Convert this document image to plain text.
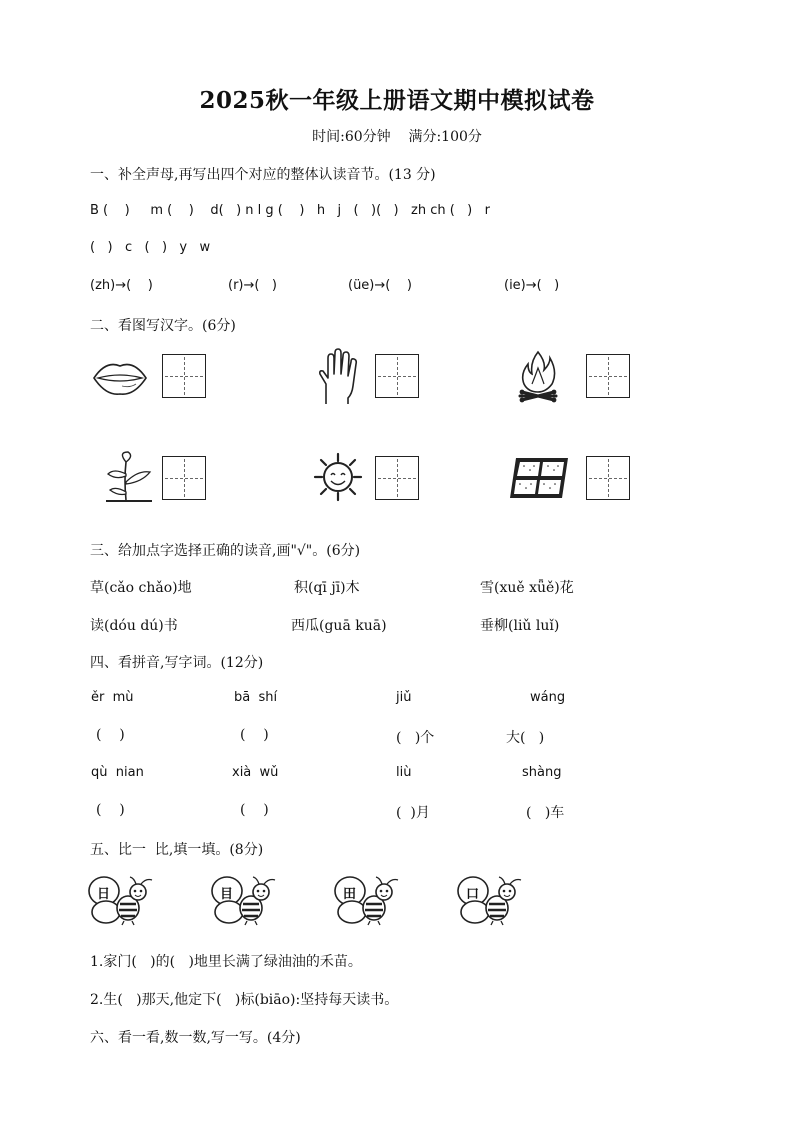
2025秋一年级上册语文期中模拟试卷
时间:60分钟    满分:100分
一、补全声母,再写出四个对应的整体认读音节。(13 分)
B (    )     m (    )    d(   ) n l g (    )   h   j   (   )(   )   zh ch (   )   r
(   )   c   (   )   y   w
(zh)→(    )	(r)→(   )	(üe)→(    )	(ie)→(   )
二、看图写汉字。(6分)
三、给加点字选择正确的读音,画"√"。(6分)
草(cǎo chǎo)地	积(qī jī)木	雪(xuě xǖě)花
读(dóu dú)书	西瓜(guā kuā)	垂柳(liǔ luǐ)
四、看拼音,写字词。(12分)
ěr  mù	bā  shí	jiǔ	wáng
(    )	(    )	(   )个	大(   )
qù  nian	xià  wǔ	liù	shàng
(    )	(    )	(  )月	(   )车
五、比一  比,填一填。(8分)
日	目	田	口
1.家门(   )的(   )地里长满了绿油油的禾苗。
2.生(   )那天,他定下(   )标(biāo):坚持每天读书。
六、看一看,数一数,写一写。(4分)
